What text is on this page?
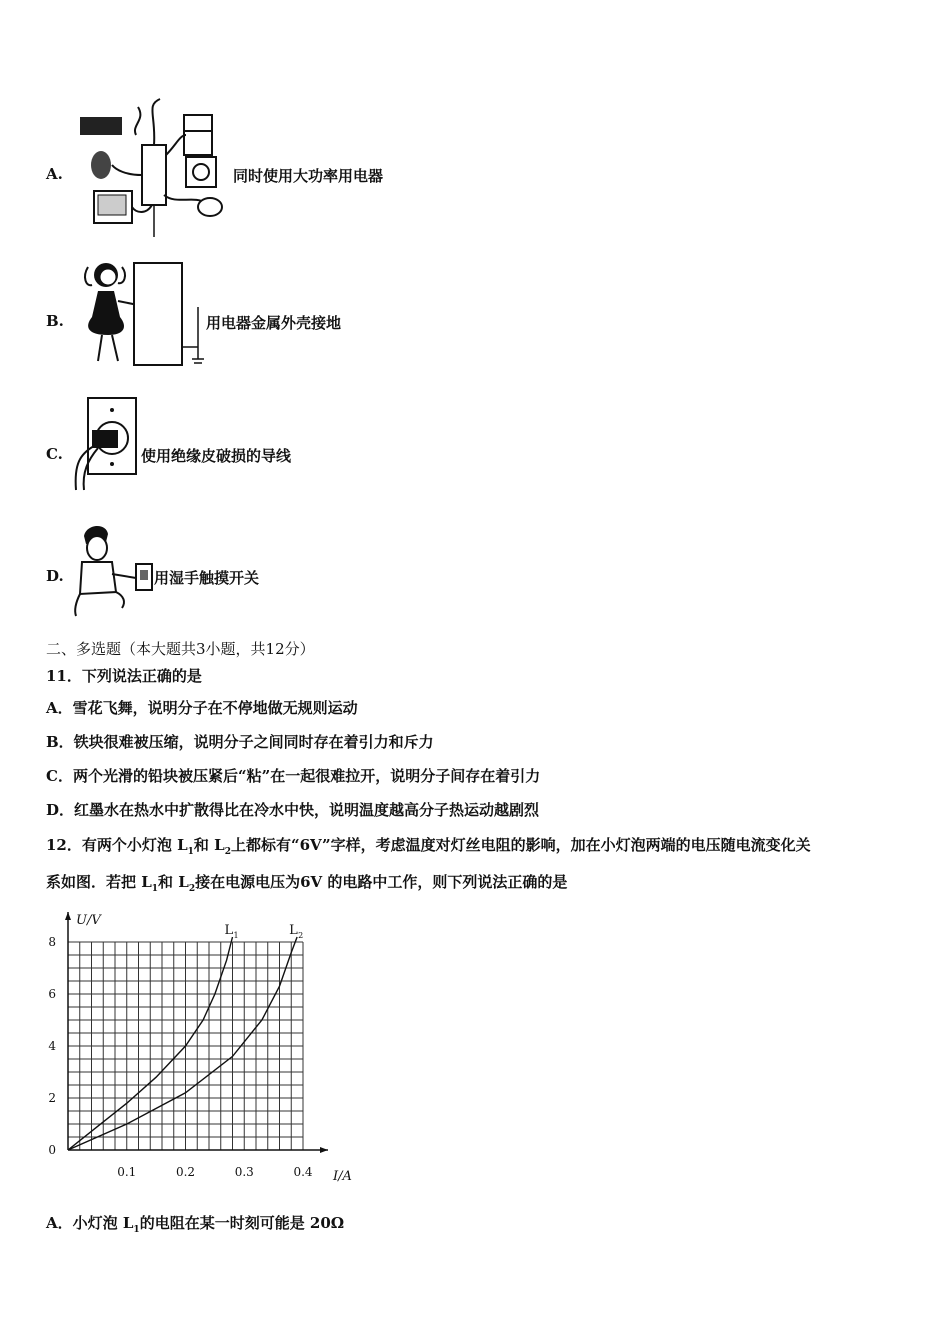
A.	同时使用大功率用电器
B.	用电器金属外壳接地
C.	使用绝缘皮破损的导线
D.	用湿手触摸开关
二、多选题（本大题共3小题，共12分）
11．下列说法正确的是
A．雪花飞舞，说明分子在不停地做无规则运动
B．铁块很难被压缩，说明分子之间同时存在着引力和斥力
C．两个光滑的铅块被压紧后“粘”在一起很难拉开，说明分子间存在着引力
D．红墨水在热水中扩散得比在冷水中快，说明温度越高分子热运动越剧烈
12．有两个小灯泡 $L_1$和 $L_2$上都标有“6V”字样，考虑温度对灯丝电阻的影响，加在小灯泡两端的电压随电流变化关
系如图．若把 $L_1$和 $L_2$接在电源电压为6V 的电路中工作，则下列说法正确的是
U/V
I/A
0.1	0.2	0.3	0.4
0
2
4
6
8
L 1	L 2
A．小灯泡 $L_1$的电阻在某一时刻可能是 20Ω
